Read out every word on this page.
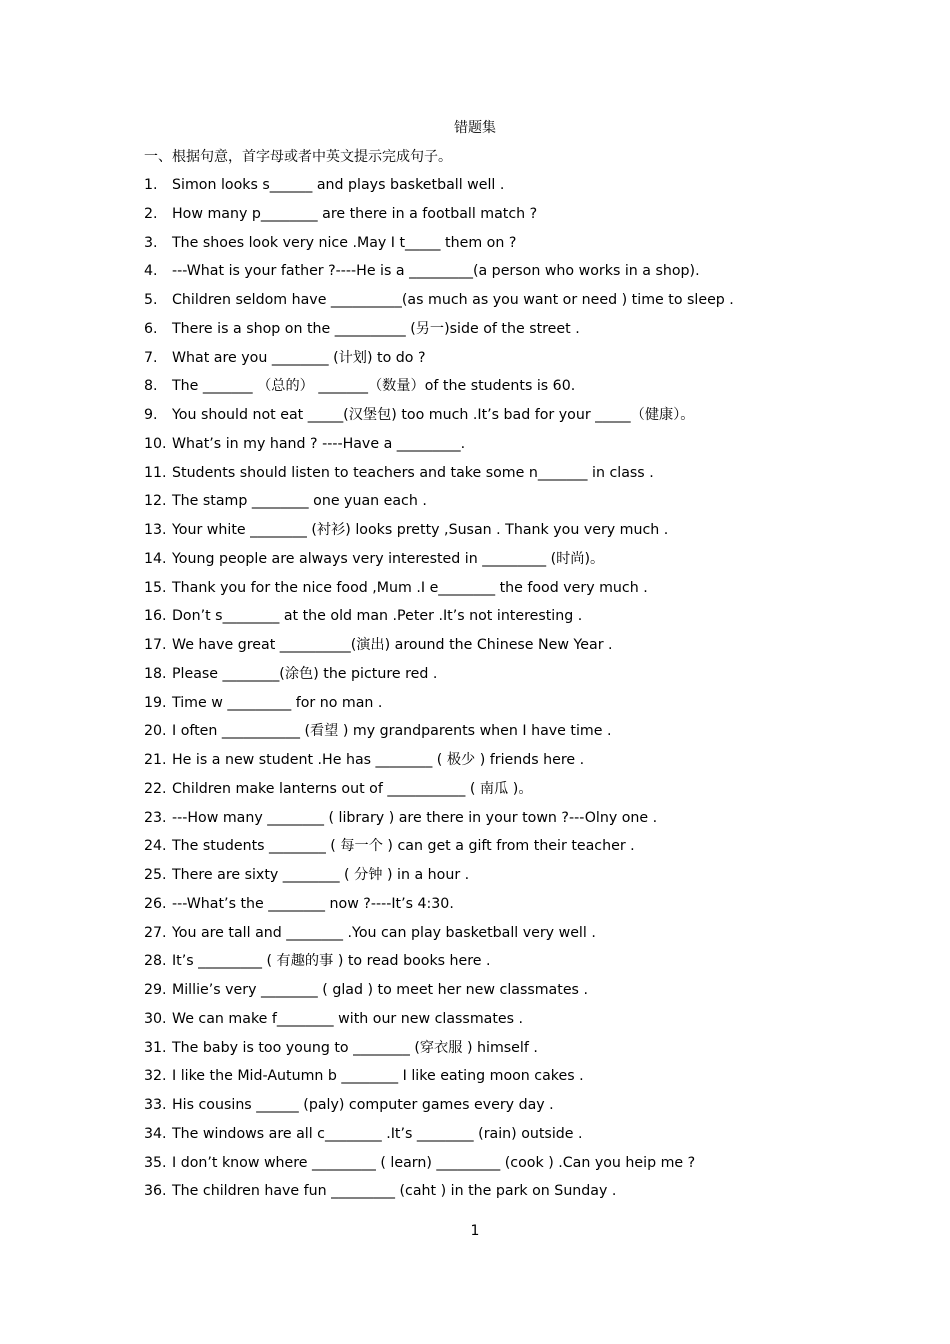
错题集
一、根据句意，首字母或者中英文提示完成句子。
1.	Simon looks s______ and plays basketball well .
2.	How many p________ are there in a football match ?
3.	The shoes look very nice .May I t_____ them on ?
4.	---What is your father ?----He is a _________(a person who works in a shop).
5.	Children seldom have __________(as much as you want or need ) time to sleep .
6.	There is a shop on the __________ (另一)side of the street .
7.	What are you ________ (计划) to do ?
8.	The _______ （总的） _______（数量）of the students is 60.
9.	You should not eat _____(汉堡包) too much .It’s bad for your _____（健康）。
10. What’s in my hand ? ----Have a _________.
11. Students should listen to teachers and take some n_______ in class .
12. The stamp ________ one yuan each .
13. Your white ________ (衬衫) looks pretty ,Susan . Thank you very much .
14. Young people are always very interested in _________ (时尚)。
15. Thank you for the nice food ,Mum .I e________ the food very much .
16. Don’t s________ at the old man .Peter .It’s not interesting .
17. We have great __________(演出) around the Chinese New Year .
18. Please ________(涂色) the picture red .
19. Time w _________ for no man .
20. I often ___________ (看望 ) my grandparents when I have time .
21. He is a new student .He has ________ ( 极少 ) friends here .
22. Children make lanterns out of ___________ ( 南瓜 )。
23. ---How many ________ ( library ) are there in your town ?---Olny one .
24. The students ________ ( 每一个 ) can get a gift from their teacher .
25. There are sixty ________ ( 分钟 ) in a hour .
26. ---What’s the ________ now ?----It’s 4:30.
27. You are tall and ________ .You can play basketball very well .
28. It’s _________ ( 有趣的事 ) to read books here .
29. Millie’s very ________ ( glad ) to meet her new classmates .
30. We can make f________ with our new classmates .
31. The baby is too young to ________ (穿衣服 ) himself .
32. I like the Mid-Autumn b ________ I like eating moon cakes .
33. His cousins ______ (paly) computer games every day .
34. The windows are all c________ .It’s ________ (rain) outside .
35. I don’t know where _________ ( learn) _________ (cook ) .Can you heip me ?
36. The children have fun _________ (caht ) in the park on Sunday .
1
